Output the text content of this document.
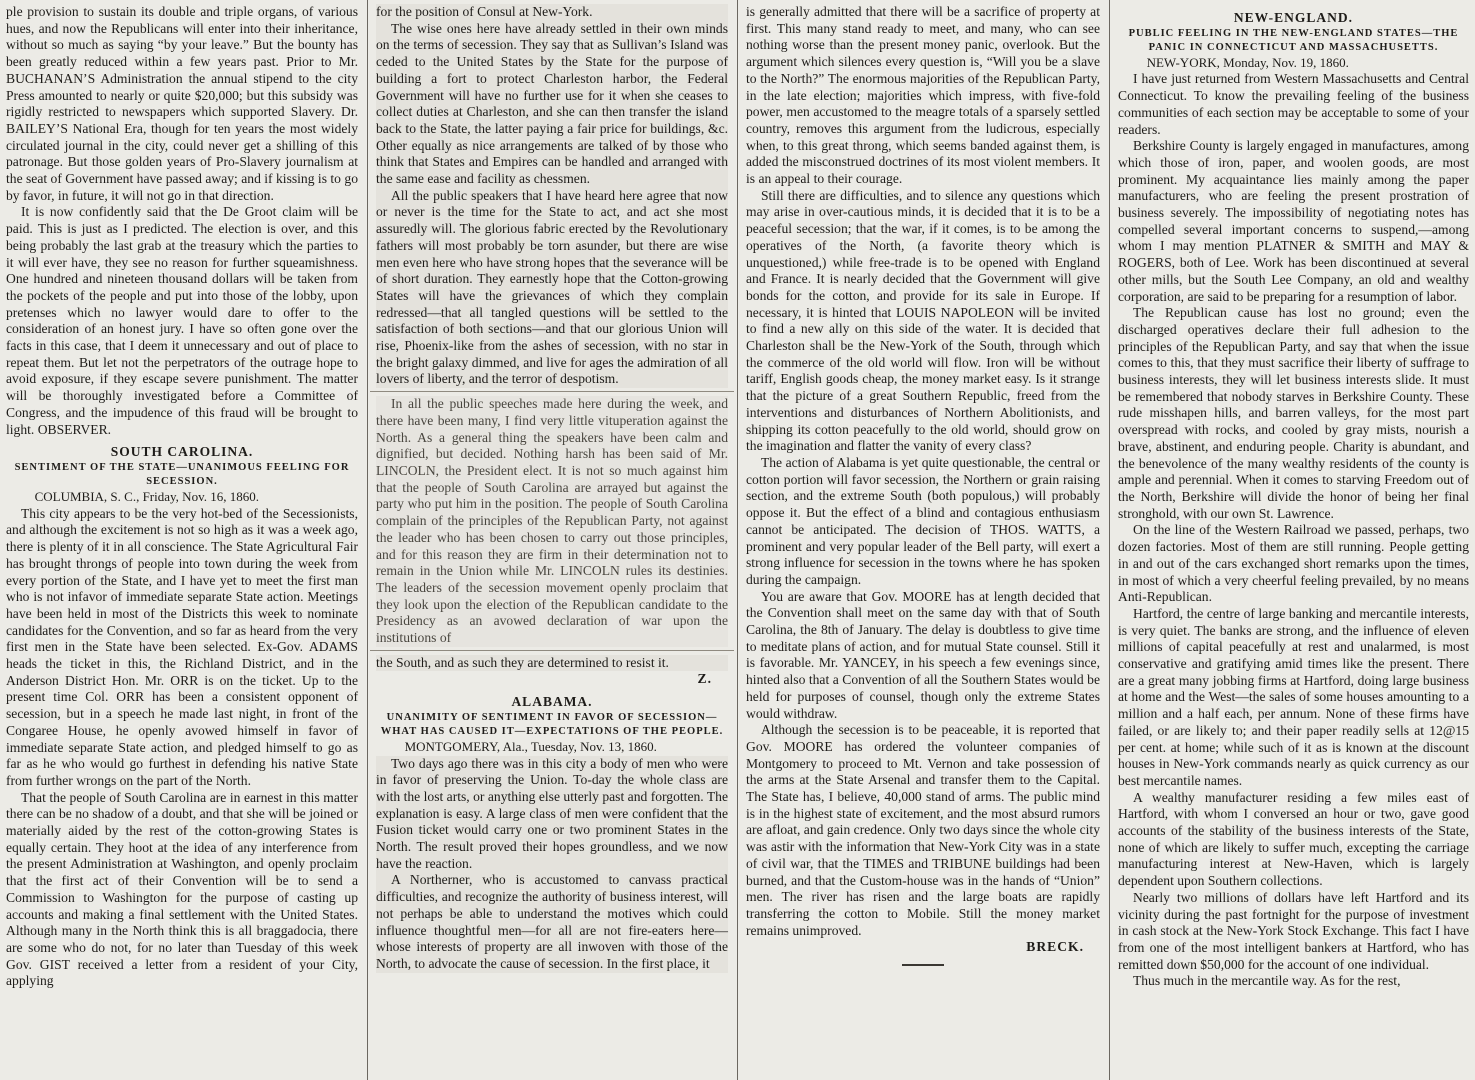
ple provision to sustain its double and triple organs, of various hues, and now the Republicans will enter into their inheritance, without so much as saying “by your leave.” But the bounty has been greatly reduced within a few years past. Prior to Mr. BUCHANAN’S Administration the annual stipend to the city Press amounted to nearly or quite $20,000; but this subsidy was rigidly restricted to newspapers which supported Slavery. Dr. BAILEY’S National Era, though for ten years the most widely circulated journal in the city, could never get a shilling of this patronage. But those golden years of Pro-Slavery journalism at the seat of Government have passed away; and if kissing is to go by favor, in future, it will not go in that direction.

It is now confidently said that the De Groot claim will be paid. This is just as I predicted. The election is over, and this being probably the last grab at the treasury which the parties to it will ever have, they see no reason for further squeamishness. One hundred and nineteen thousand dollars will be taken from the pockets of the people and put into those of the lobby, upon pretenses which no lawyer would dare to offer to the consideration of an honest jury. I have so often gone over the facts in this case, that I deem it unnecessary and out of place to repeat them. But let not the perpetrators of the outrage hope to avoid exposure, if they escape severe punishment. The matter will be thoroughly investigated before a Committee of Congress, and the impudence of this fraud will be brought to light. OBSERVER.

SOUTH CAROLINA.
SENTIMENT OF THE STATE—UNANIMOUS FEELING FOR SECESSION.
COLUMBIA, S. C., Friday, Nov. 16, 1860.

This city appears to be the very hot-bed of the Secessionists, and although the excitement is not so high as it was a week ago, there is plenty of it in all conscience. The State Agricultural Fair has brought throngs of people into town during the week from every portion of the State, and I have yet to meet the first man who is not infavor of immediate separate State action. Meetings have been held in most of the Districts this week to nominate candidates for the Convention, and so far as heard from the very first men in the State have been selected. Ex-Gov. ADAMS heads the ticket in this, the Richland District, and in the Anderson District Hon. Mr. ORR is on the ticket. Up to the present time Col. ORR has been a consistent opponent of secession, but in a speech he made last night, in front of the Congaree House, he openly avowed himself in favor of immediate separate State action, and pledged himself to go as far as he who would go furthest in defending his native State from further wrongs on the part of the North.

That the people of South Carolina are in earnest in this matter there can be no shadow of a doubt, and that she will be joined or materially aided by the rest of the cotton-growing States is equally certain. They hoot at the idea of any interference from the present Administration at Washington, and openly proclaim that the first act of their Convention will be to send a Commission to Washington for the purpose of casting up accounts and making a final settlement with the United States. Although many in the North think this is all braggadocia, there are some who do not, for no later than Tuesday of this week Gov. GIST received a letter from a resident of your City, applying

for the position of Consul at New-York.

The wise ones here have already settled in their own minds on the terms of secession. They say that as Sullivan’s Island was ceded to the United States by the State for the purpose of building a fort to protect Charleston harbor, the Federal Government will have no further use for it when she ceases to collect duties at Charleston, and she can then transfer the island back to the State, the latter paying a fair price for buildings, &c. Other equally as nice arrangements are talked of by those who think that States and Empires can be handled and arranged with the same ease and facility as chessmen.

All the public speakers that I have heard here agree that now or never is the time for the State to act, and act she most assuredly will. The glorious fabric erected by the Revolutionary fathers will most probably be torn asunder, but there are wise men even here who have strong hopes that the severance will be of short duration. They earnestly hope that the Cotton-growing States will have the grievances of which they complain redressed—that all tangled questions will be settled to the satisfaction of both sections—and that our glorious Union will rise, Phoenix-like from the ashes of secession, with no star in the bright galaxy dimmed, and live for ages the admiration of all lovers of liberty, and the terror of despotism.

In all the public speeches made here during the week, and there have been many, I find very little vituperation against the North. As a general thing the speakers have been calm and dignified, but decided. Nothing harsh has been said of Mr. LINCOLN, the President elect. It is not so much against him that the people of South Carolina are arrayed but against the party who put him in the position. The people of South Carolina complain of the principles of the Republican Party, not against the leader who has been chosen to carry out those principles, and for this reason they are firm in their determination not to remain in the Union while Mr. LINCOLN rules its destinies. The leaders of the secession movement openly proclaim that they look upon the election of the Republican candidate to the Presidency as an avowed declaration of war upon the institutions of

the South, and as such they are determined to resist it.

Z.
ALABAMA.
UNANIMITY OF SENTIMENT IN FAVOR OF SECESSION—WHAT HAS CAUSED IT—EXPECTATIONS OF THE PEOPLE.
MONTGOMERY, Ala., Tuesday, Nov. 13, 1860.

Two days ago there was in this city a body of men who were in favor of preserving the Union. To-day the whole class are with the lost arts, or anything else utterly past and forgotten. The explanation is easy. A large class of men were confident that the Fusion ticket would carry one or two prominent States in the North. The result proved their hopes groundless, and we now have the reaction.

A Northerner, who is accustomed to canvass practical difficulties, and recognize the authority of business interest, will not perhaps be able to understand the motives which could influence thoughtful men—for all are not fire-eaters here—whose interests of property are all inwoven with those of the North, to advocate the cause of secession. In the first place, it

is generally admitted that there will be a sacrifice of property at first. This many stand ready to meet, and many, who can see nothing worse than the present money panic, overlook. But the argument which silences every question is, “Will you be a slave to the North?” The enormous majorities of the Republican Party, in the late election; majorities which impress, with five-fold power, men accustomed to the meagre totals of a sparsely settled country, removes this argument from the ludicrous, especially when, to this great throng, which seems banded against them, is added the misconstrued doctrines of its most violent members. It is an appeal to their courage.

Still there are difficulties, and to silence any questions which may arise in over-cautious minds, it is decided that it is to be a peaceful secession; that the war, if it comes, is to be among the operatives of the North, (a favorite theory which is unquestioned,) while free-trade is to be opened with England and France. It is nearly decided that the Government will give bonds for the cotton, and provide for its sale in Europe. If necessary, it is hinted that LOUIS NAPOLEON will be invited to find a new ally on this side of the water. It is decided that Charleston shall be the New-York of the South, through which the commerce of the old world will flow. Iron will be without tariff, English goods cheap, the money market easy. Is it strange that the picture of a great Southern Republic, freed from the interventions and disturbances of Northern Abolitionists, and shipping its cotton peacefully to the old world, should grow on the imagination and flatter the vanity of every class?

The action of Alabama is yet quite questionable, the central or cotton portion will favor secession, the Northern or grain raising section, and the extreme South (both populous,) will probably oppose it. But the effect of a blind and contagious enthusiasm cannot be anticipated. The decision of THOS. WATTS, a prominent and very popular leader of the Bell party, will exert a strong influence for secession in the towns where he has spoken during the campaign.

You are aware that Gov. MOORE has at length decided that the Convention shall meet on the same day with that of South Carolina, the 8th of January. The delay is doubtless to give time to meditate plans of action, and for mutual State counsel. Still it is favorable. Mr. YANCEY, in his speech a few evenings since, hinted also that a Convention of all the Southern States would be held for purposes of counsel, though only the extreme States would withdraw.

Although the secession is to be peaceable, it is reported that Gov. MOORE has ordered the volunteer companies of Montgomery to proceed to Mt. Vernon and take possession of the arms at the State Arsenal and transfer them to the Capital. The State has, I believe, 40,000 stand of arms. The public mind is in the highest state of excitement, and the most absurd rumors are afloat, and gain credence. Only two days since the whole city was astir with the information that New-York City was in a state of civil war, that the TIMES and TRIBUNE buildings had been burned, and that the Custom-house was in the hands of “Union” men. The river has risen and the large boats are rapidly transferring the cotton to Mobile. Still the money market remains unimproved.

BRECK.
NEW-ENGLAND.
PUBLIC FEELING IN THE NEW-ENGLAND STATES—THE PANIC IN CONNECTICUT AND MASSACHUSETTS.
NEW-YORK, Monday, Nov. 19, 1860.

I have just returned from Western Massachusetts and Central Connecticut. To know the prevailing feeling of the business communities of each section may be acceptable to some of your readers.

Berkshire County is largely engaged in manufactures, among which those of iron, paper, and woolen goods, are most prominent. My acquaintance lies mainly among the paper manufacturers, who are feeling the present prostration of business severely. The impossibility of negotiating notes has compelled several important concerns to suspend,—among whom I may mention PLATNER & SMITH and MAY & ROGERS, both of Lee. Work has been discontinued at several other mills, but the South Lee Company, an old and wealthy corporation, are said to be preparing for a resumption of labor.

The Republican cause has lost no ground; even the discharged operatives declare their full adhesion to the principles of the Republican Party, and say that when the issue comes to this, that they must sacrifice their liberty of suffrage to business interests, they will let business interests slide. It must be remembered that nobody starves in Berkshire County. These rude misshapen hills, and barren valleys, for the most part overspread with rocks, and cooled by gray mists, nourish a brave, abstinent, and enduring people. Charity is abundant, and the benevolence of the many wealthy residents of the county is ample and perennial. When it comes to starving Freedom out of the North, Berkshire will divide the honor of being her final stronghold, with our own St. Lawrence.

On the line of the Western Railroad we passed, perhaps, two dozen factories. Most of them are still running. People getting in and out of the cars exchanged short remarks upon the times, in most of which a very cheerful feeling prevailed, by no means Anti-Republican.

Hartford, the centre of large banking and mercantile interests, is very quiet. The banks are strong, and the influence of eleven millions of capital peacefully at rest and unalarmed, is most conservative and gratifying amid times like the present. There are a great many jobbing firms at Hartford, doing large business at home and the West—the sales of some houses amounting to a million and a half each, per annum. None of these firms have failed, or are likely to; and their paper readily sells at 12@15 per cent. at home; while such of it as is known at the discount houses in New-York commands nearly as quick currency as our best mercantile names.

A wealthy manufacturer residing a few miles east of Hartford, with whom I conversed an hour or two, gave good accounts of the stability of the business interests of the State, none of which are likely to suffer much, excepting the carriage manufacturing interest at New-Haven, which is largely dependent upon Southern collections.

Nearly two millions of dollars have left Hartford and its vicinity during the past fortnight for the purpose of investment in cash stock at the New-York Stock Exchange. This fact I have from one of the most intelligent bankers at Hartford, who has remitted down $50,000 for the account of one individual.

Thus much in the mercantile way. As for the rest,
